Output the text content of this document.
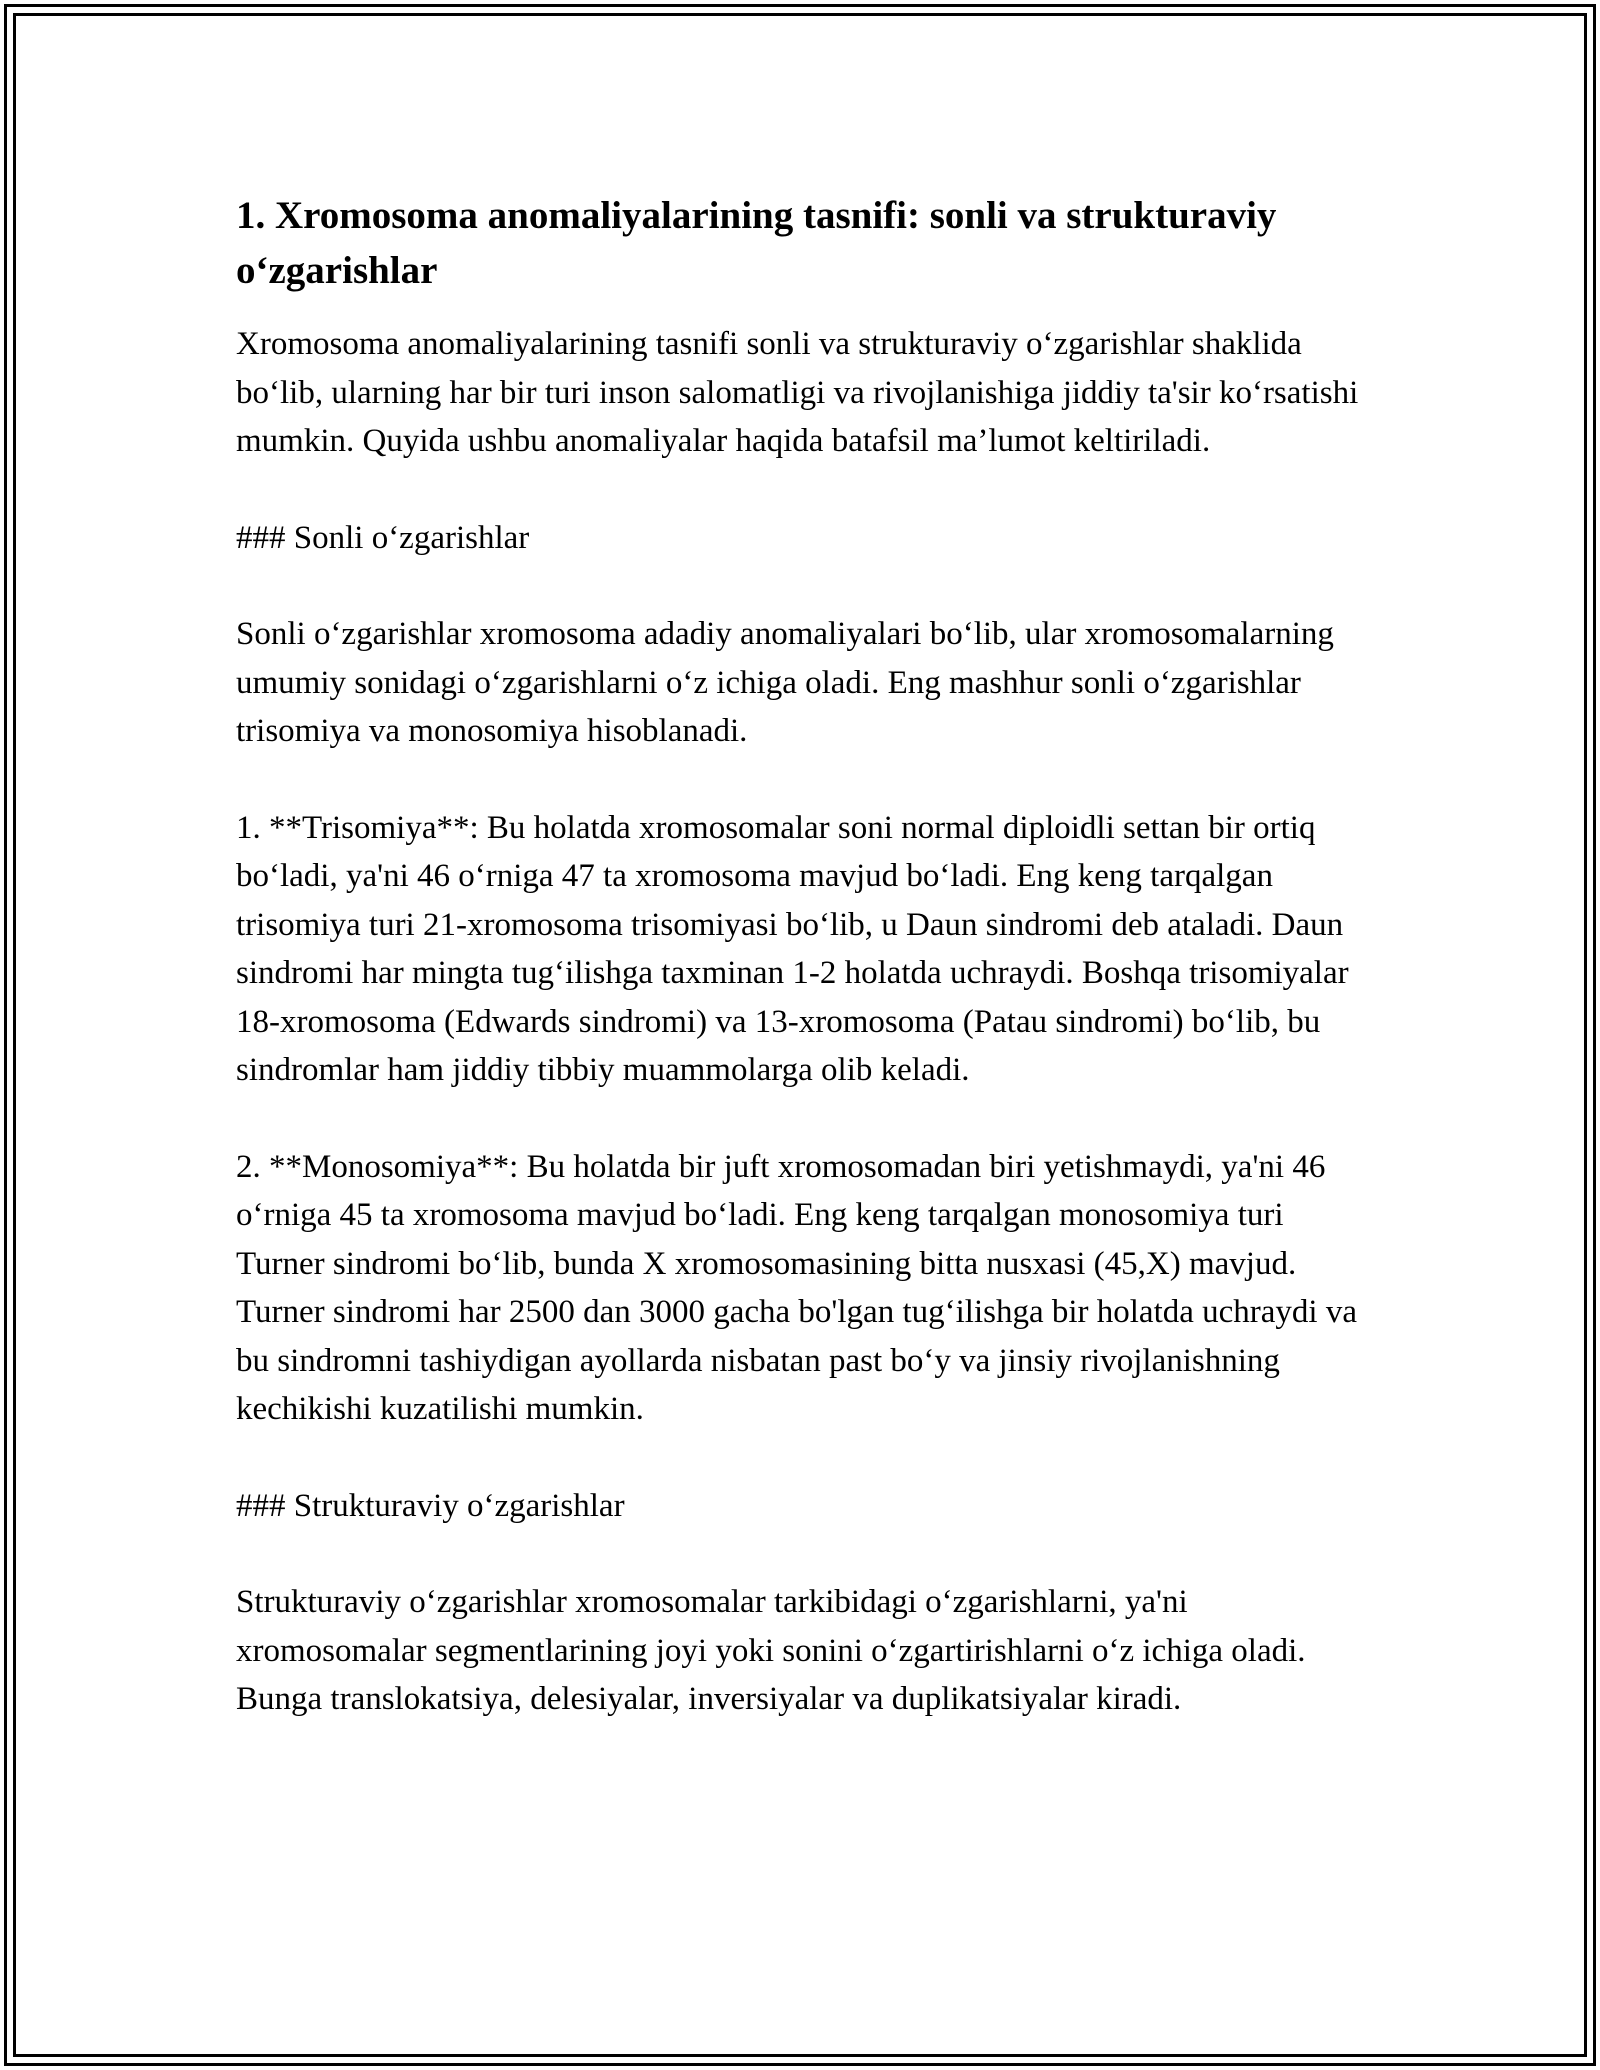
1. Xromosoma anomaliyalarining tasnifi: sonli va strukturaviy o‘zgarishlar

Xromosoma anomaliyalarining tasnifi sonli va strukturaviy o‘zgarishlar shaklida bo‘lib, ularning har bir turi inson salomatligi va rivojlanishiga jiddiy ta'sir ko‘rsatishi mumkin. Quyida ushbu anomaliyalar haqida batafsil ma’lumot keltiriladi.

### Sonli o‘zgarishlar

Sonli o‘zgarishlar xromosoma adadiy anomaliyalari bo‘lib, ular xromosomalarning umumiy sonidagi o‘zgarishlarni o‘z ichiga oladi. Eng mashhur sonli o‘zgarishlar trisomiya va monosomiya hisoblanadi.

1. **Trisomiya**: Bu holatda xromosomalar soni normal diploidli settan bir ortiq bo‘ladi, ya'ni 46 o‘rniga 47 ta xromosoma mavjud bo‘ladi. Eng keng tarqalgan trisomiya turi 21-xromosoma trisomiyasi bo‘lib, u Daun sindromi deb ataladi. Daun sindromi har mingta tug‘ilishga taxminan 1-2 holatda uchraydi. Boshqa trisomiyalar 18-xromosoma (Edwards sindromi) va 13-xromosoma (Patau sindromi) bo‘lib, bu sindromlar ham jiddiy tibbiy muammolarga olib keladi.

2. **Monosomiya**: Bu holatda bir juft xromosomadan biri yetishmaydi, ya'ni 46 o‘rniga 45 ta xromosoma mavjud bo‘ladi. Eng keng tarqalgan monosomiya turi Turner sindromi bo‘lib, bunda X xromosomasining bitta nusxasi (45,X) mavjud. Turner sindromi har 2500 dan 3000 gacha bo'lgan tug‘ilishga bir holatda uchraydi va bu sindromni tashiydigan ayollarda nisbatan past bo‘y va jinsiy rivojlanishning kechikishi kuzatilishi mumkin.

### Strukturaviy o‘zgarishlar

Strukturaviy o‘zgarishlar xromosomalar tarkibidagi o‘zgarishlarni, ya'ni xromosomalar segmentlarining joyi yoki sonini o‘zgartirishlarni o‘z ichiga oladi. Bunga translokatsiya, delesiyalar, inversiyalar va duplikatsiyalar kiradi.
